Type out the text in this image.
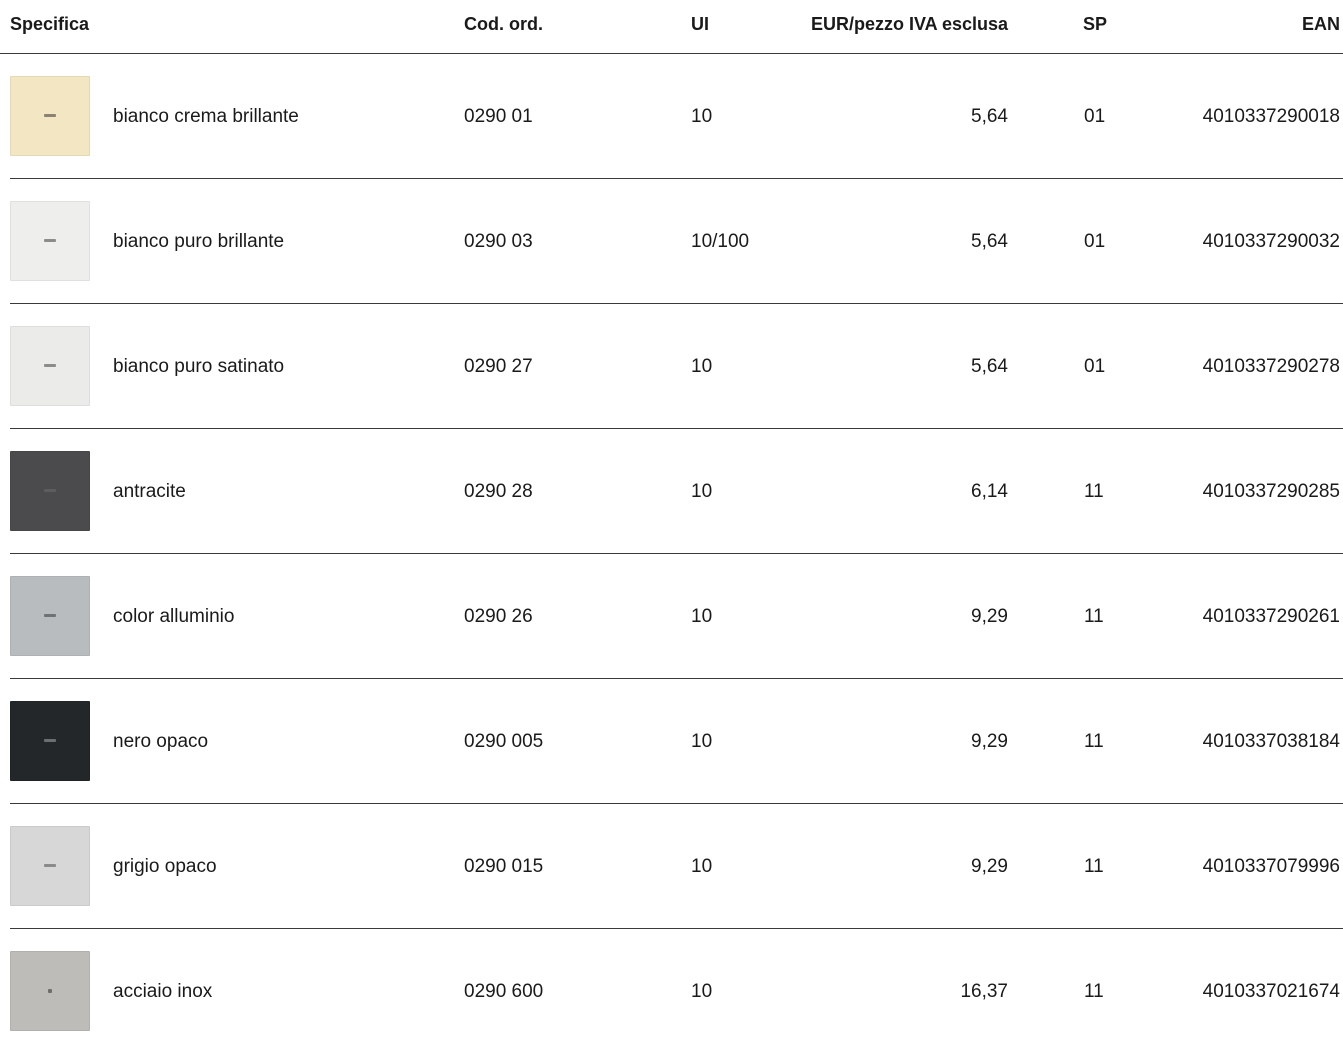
Specifica	Cod. ord.	UI	EUR/pezzo IVA esclusa	SP	EAN
bianco crema brillante	0290 01	10	5,64	01	4010337290018
bianco puro brillante	0290 03	10/100	5,64	01	4010337290032
bianco puro satinato	0290 27	10	5,64	01	4010337290278
antracite	0290 28	10	6,14	11	4010337290285
color alluminio	0290 26	10	9,29	11	4010337290261
nero opaco	0290 005	10	9,29	11	4010337038184
grigio opaco	0290 015	10	9,29	11	4010337079996
acciaio inox	0290 600	10	16,37	11	4010337021674
